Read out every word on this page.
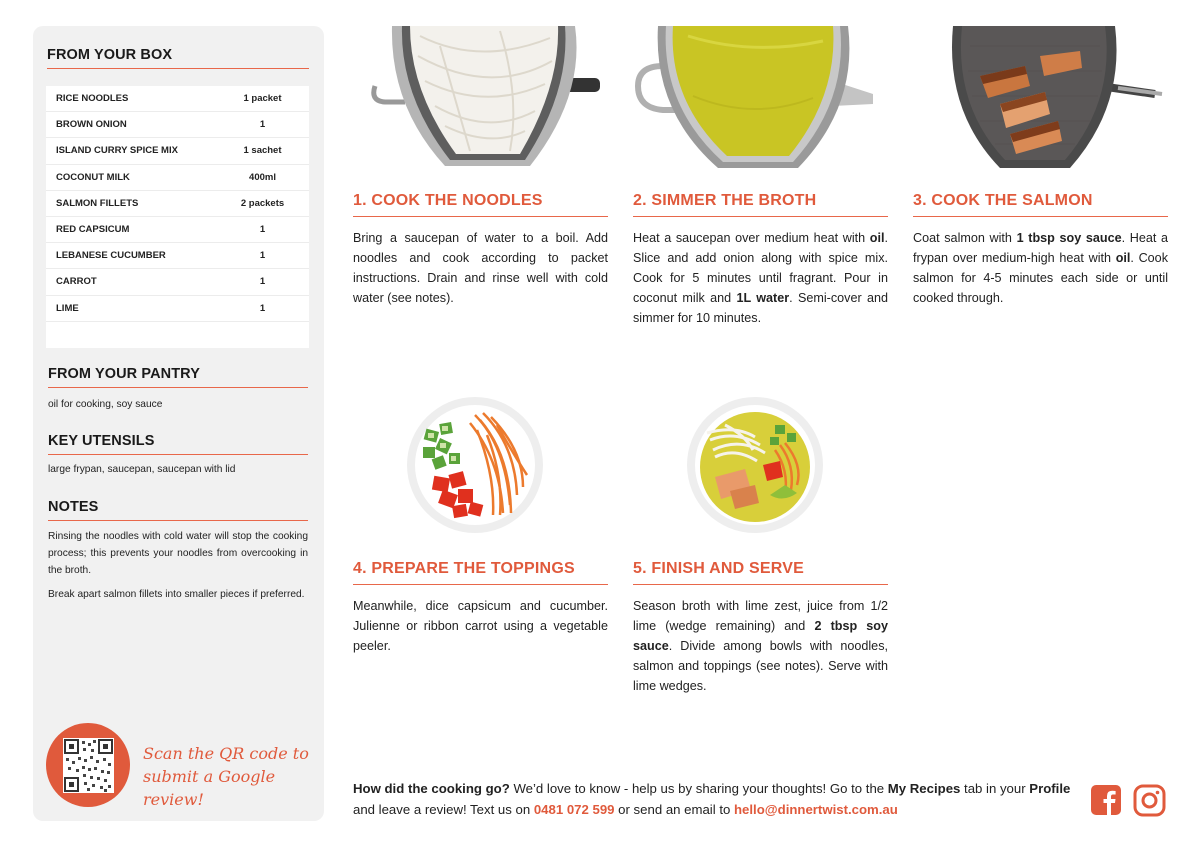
FROM YOUR BOX
RICE NOODLES	1 packet
BROWN ONION	1
ISLAND CURRY SPICE MIX	1 sachet
COCONUT MILK	400ml
SALMON FILLETS	2 packets
RED CAPSICUM	1
LEBANESE CUCUMBER	1
CARROT	1
LIME	1
FROM YOUR PANTRY
oil for cooking, soy sauce
KEY UTENSILS
large frypan, saucepan, saucepan with lid
NOTES
Rinsing the noodles with cold water will stop the cooking process; this prevents your noodles from overcooking in the broth.
Break apart salmon fillets into smaller pieces if preferred.
Scan the QR code to
submit a Google review!
1. COOK THE NOODLES
Bring a saucepan of water to a boil. Add noodles and cook according to packet instructions. Drain and rinse well with cold water (see notes).
2. SIMMER THE BROTH
Heat a saucepan over medium heat with oil. Slice and add onion along with spice mix. Cook for 5 minutes until fragrant. Pour in coconut milk and 1L water. Semi-cover and simmer for 10 minutes.
3. COOK THE SALMON
Coat salmon with 1 tbsp soy sauce. Heat a frypan over medium-high heat with oil. Cook salmon for 4-5 minutes each side or until cooked through.
4. PREPARE THE TOPPINGS
Meanwhile, dice capsicum and cucumber. Julienne or ribbon carrot using a vegetable peeler.
5. FINISH AND SERVE
Season broth with lime zest, juice from 1/2 lime (wedge remaining) and 2 tbsp soy sauce. Divide among bowls with noodles, salmon and toppings (see notes). Serve with lime wedges.
How did the cooking go? We’d love to know - help us by sharing your thoughts! Go to the My Recipes tab in your Profile and leave a review! Text us on 0481 072 599 or send an email to hello@dinnertwist.com.au
